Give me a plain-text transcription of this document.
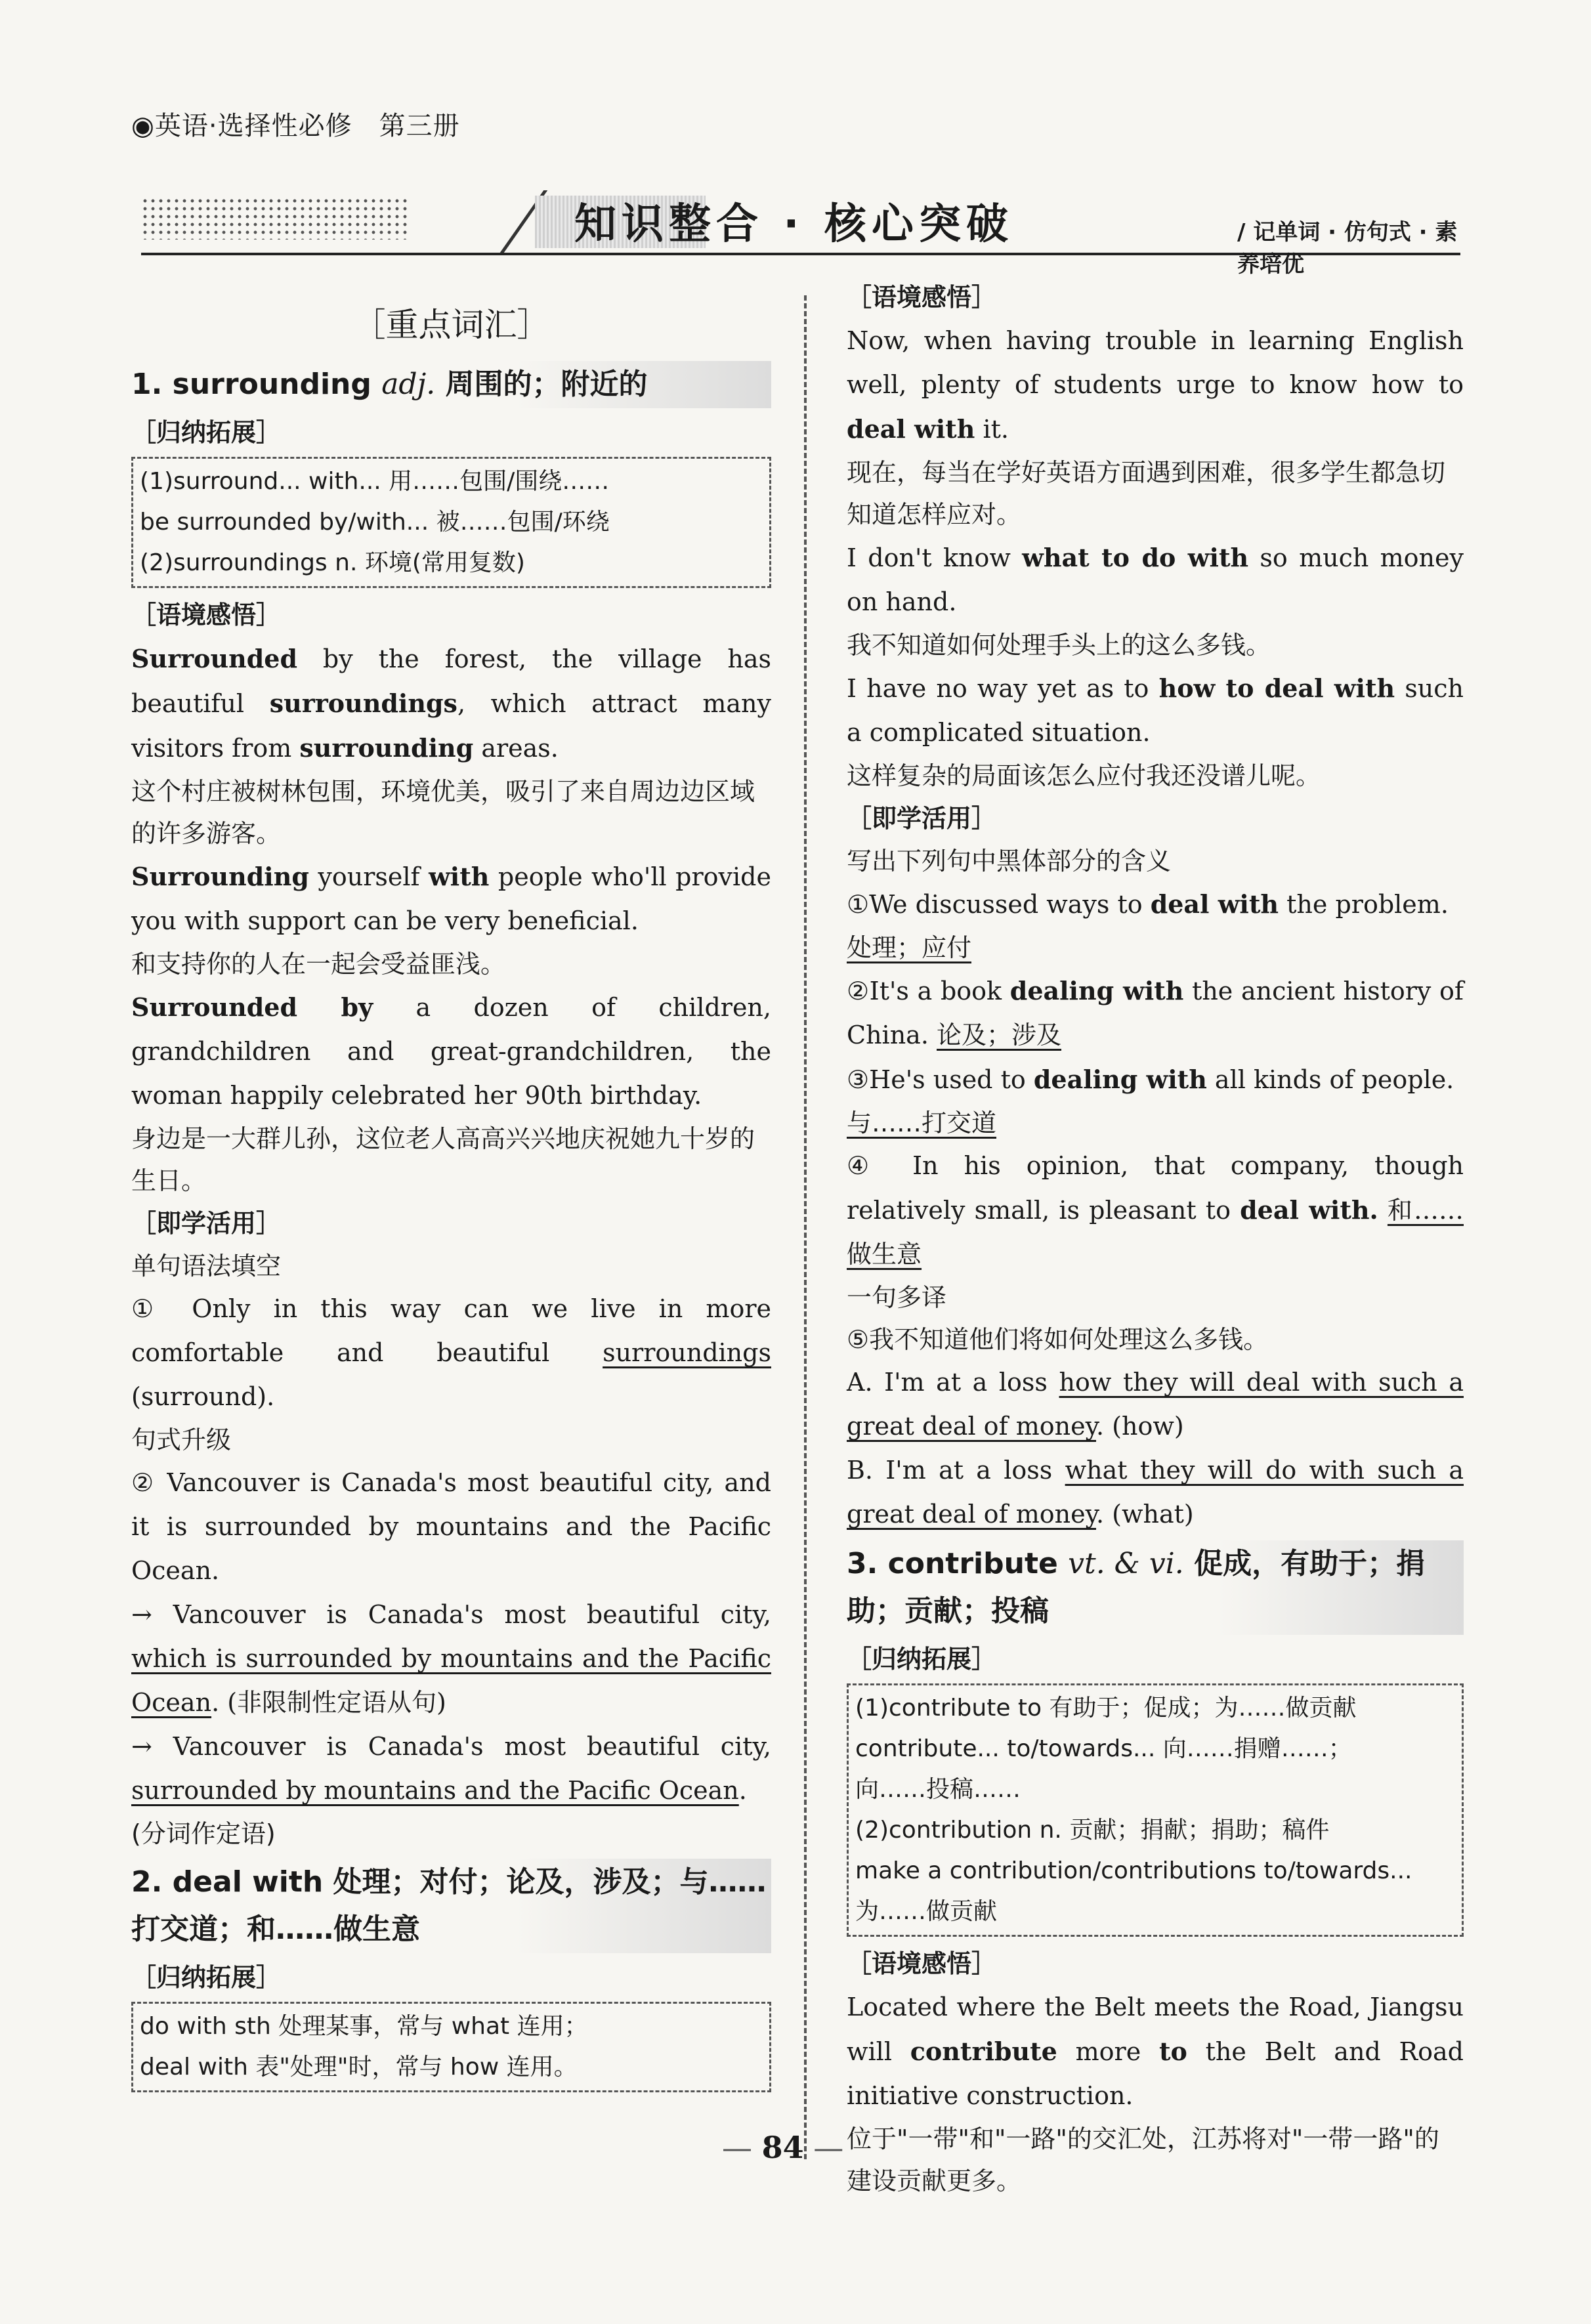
◉英语·选择性必修　第三册
知识整合 · 核心突破	/ 记单词 · 仿句式 · 素养培优
［重点词汇］
1. surrounding adj. 周围的；附近的
［归纳拓展］
(1)surround... with... 用……包围/围绕……
be surrounded by/with... 被……包围/环绕
(2)surroundings n. 环境(常用复数)
［语境感悟］

Surrounded by the forest, the village has beautiful surroundings, which attract many visitors from surrounding areas.

这个村庄被树林包围，环境优美，吸引了来自周边边区域的许多游客。

Surrounding yourself with people who'll provide you with support can be very beneficial.

和支持你的人在一起会受益匪浅。

Surrounded by a dozen of children, grandchildren and great-grandchildren, the woman happily celebrated her 90th birthday.

身边是一大群儿孙，这位老人高高兴兴地庆祝她九十岁的生日。

［即学活用］

单句语法填空

① Only in this way can we live in more comfortable and beautiful surroundings (surround).

句式升级

② Vancouver is Canada's most beautiful city, and it is surrounded by mountains and the Pacific Ocean.

→ Vancouver is Canada's most beautiful city, which is surrounded by mountains and the Pacific Ocean. (非限制性定语从句)

→ Vancouver is Canada's most beautiful city, surrounded by mountains and the Pacific Ocean.

(分词作定语)

2. deal with 处理；对付；论及，涉及；与……打交道；和……做生意
［归纳拓展］
do with sth 处理某事，常与 what 连用；
deal with 表"处理"时，常与 how 连用。
［语境感悟］

Now, when having trouble in learning English well, plenty of students urge to know how to deal with it.

现在，每当在学好英语方面遇到困难，很多学生都急切知道怎样应对。

I don't know what to do with so much money on hand.

我不知道如何处理手头上的这么多钱。

I have no way yet as to how to deal with such a complicated situation.

这样复杂的局面该怎么应付我还没谱儿呢。

［即学活用］

写出下列句中黑体部分的含义

①We discussed ways to deal with the problem.

处理；应付

②It's a book dealing with the ancient history of China. 论及；涉及

③He's used to dealing with all kinds of people.

与……打交道

④ In his opinion, that company, though relatively small, is pleasant to deal with. 和……做生意

一句多译

⑤我不知道他们将如何处理这么多钱。

A. I'm at a loss how they will deal with such a great deal of money. (how)

B. I'm at a loss what they will do with such a great deal of money. (what)

3. contribute vt. & vi. 促成，有助于；捐助；贡献；投稿
［归纳拓展］
(1)contribute to 有助于；促成；为……做贡献
contribute... to/towards... 向……捐赠……；
向……投稿……
(2)contribution n. 贡献；捐献；捐助；稿件
make a contribution/contributions to/towards...
为……做贡献
［语境感悟］

Located where the Belt meets the Road, Jiangsu will contribute more to the Belt and Road initiative construction.

位于"一带"和"一路"的交汇处，江苏将对"一带一路"的建设贡献更多。

— 84 —
